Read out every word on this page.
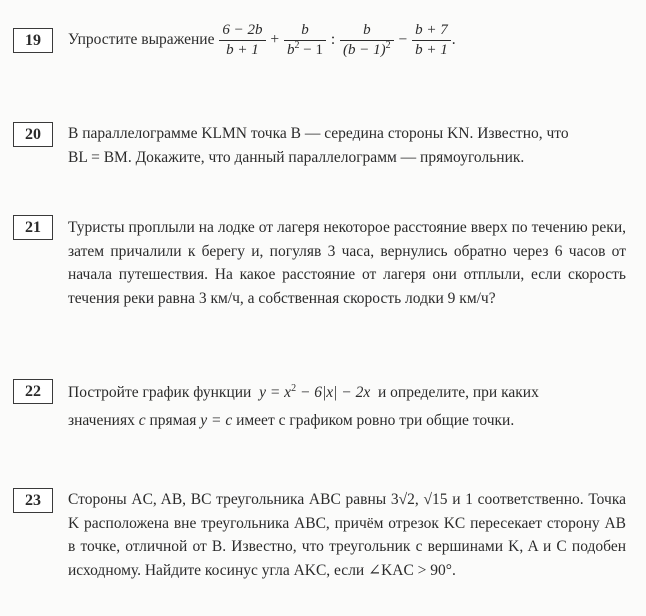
19	Упростите выражение $\frac{6 - 2b}{b + 1} + \frac{b}{b^2 - 1}$ : $\frac{b}{(b - 1)^2} - \frac{b + 7}{b + 1}$ .
20	В параллелограмме KLMN точка B — середина стороны KN. Известно, что
BL = BM. Докажите, что данный параллелограмм — прямоугольник.
21	Туристы проплыли на лодке от лагеря некоторое расстояние вверх по течению реки, затем причалили к берегу и, погуляв 3 часа, вернулись обратно через 6 часов от начала путешествия. На какое расстояние от лагеря они отплыли, если скорость течения реки равна 3 км/ч, а собственная скорость лодки 9 км/ч?
22	Постройте график функции $y = x^2 - 6|x| - 2x$ и определите, при каких
значениях c прямая y = c имеет с графиком ровно три общие точки.
23	Стороны AC, AB, BC треугольника ABC равны 3√2, √15 и 1 соответственно. Точка K расположена вне треугольника ABC, причём отрезок KC пересекает сторону AB в точке, отличной от B. Известно, что треугольник с вершинами K, A и C подобен исходному. Найдите косинус угла AKC, если ∠KAC > 90°.
